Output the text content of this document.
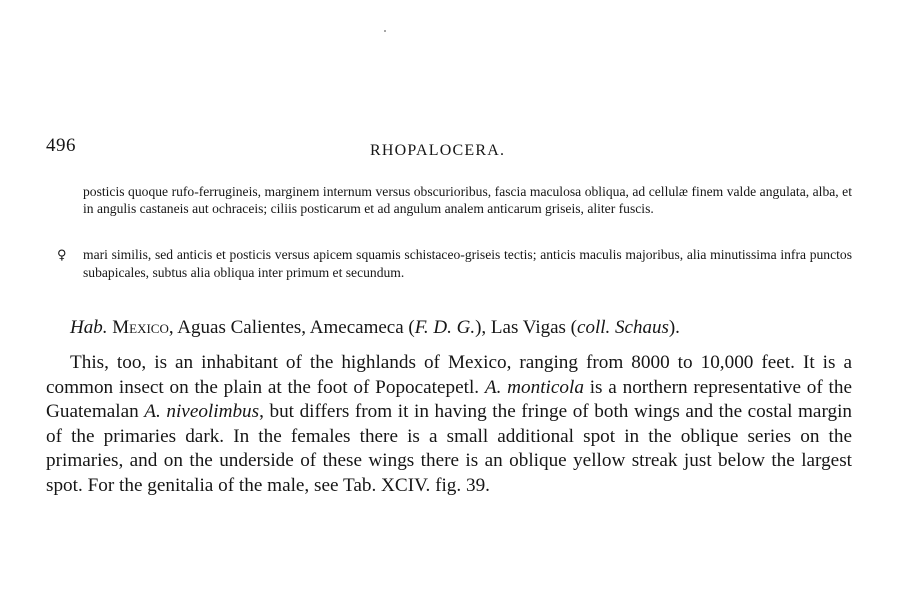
496	RHOPALOCERA.

posticis quoque rufo-ferrugineis, marginem internum versus obscurioribus, fascia maculosa obliqua, ad cellulæ finem valde angulata, alba, et in angulis castaneis aut ochraceis; ciliis posticarum et ad angulum analem anticarum griseis, aliter fuscis.

♀ mari similis, sed anticis et posticis versus apicem squamis schistaceo-griseis tectis; anticis maculis majoribus, alia minutissima infra punctos subapicales, subtus alia obliqua inter primum et secundum.

Hab. Mexico, Aguas Calientes, Amecameca (F. D. G.), Las Vigas (coll. Schaus).

This, too, is an inhabitant of the highlands of Mexico, ranging from 8000 to 10,000 feet. It is a common insect on the plain at the foot of Popocatepetl. A. monticola is a northern representative of the Guatemalan A. niveolimbus, but differs from it in having the fringe of both wings and the costal margin of the primaries dark. In the females there is a small additional spot in the oblique series on the primaries, and on the underside of these wings there is an oblique yellow streak just below the largest spot. For the genitalia of the male, see Tab. XCIV. fig. 39.
